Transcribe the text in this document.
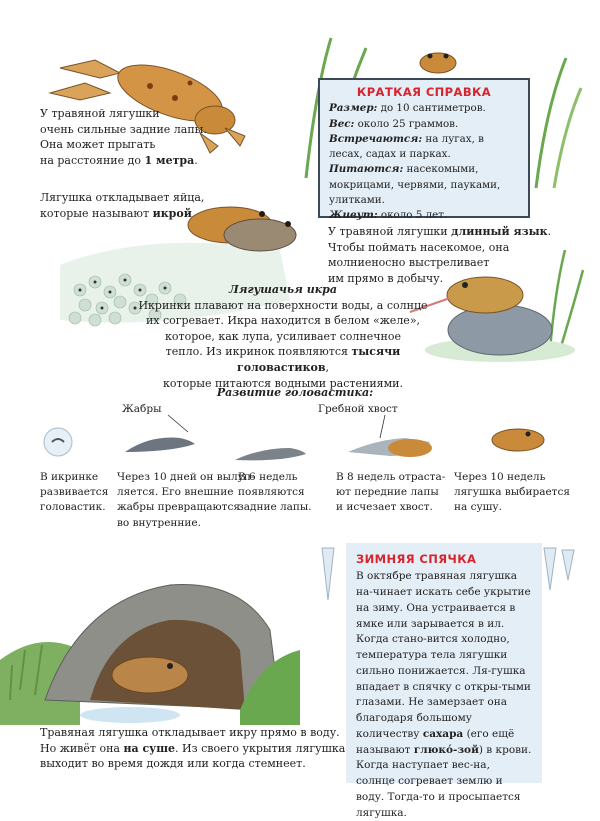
У травяной лягушки
очень сильные задние лапы.
Она может прыгать
на расстояние до 1 метра.
Лягушка откладывает яйца,
которые называют икрой.
КРАТКАЯ СПРАВКА

Размер: до 10 сантиметров.

Вес: около 25 граммов.

Встречаются: на лугах, в лесах, садах и парках.

Питаются: насекомыми, мокрицами, червями, пауками, улитками.

Живут: около 5 лет.

У травяной лягушки длинный язык.
Чтобы поймать насекомое, она
молниеносно выстреливает
им прямо в добычу.
Лягушачья икра
Икринки плавают на поверхности воды, а солнце
их согревает. Икра находится в белом «желе»,
которое, как лупа, усиливает солнечное
тепло. Из икринок появляются тысячи головастиков,
которые питаются водными растениями.
Развитие головастика:
Жабры	Гребной хвост
В икринке
развивается
головастик.
Через 10 дней он вылуп-
ляется. Его внешние
жабры превращаются
во внутренние.
В 6 недель
появляются
задние лапы.
В 8 недель отраста-
ют передние лапы
и исчезает хвост.
Через 10 недель
лягушка выбирается
на сушу.
Травяная лягушка откладывает икру прямо в воду.
Но живёт она на суше. Из своего укрытия лягушка
выходит во время дождя или когда стемнеет.
ЗИМНЯЯ СПЯЧКА

В октябре травяная лягушка на-чинает искать себе укрытие на зиму. Она устраивается в ямке или зарывается в ил. Когда стано-вится холодно, температура тела лягушки сильно понижается. Ля-гушка впадает в спячку с откры-тыми глазами. Не замерзает она благодаря большому количеству сахара (его ещё называют глюко́-зой) в крови. Когда наступает вес-на, солнце согревает землю и воду. Тогда-то и просыпается лягушка.
